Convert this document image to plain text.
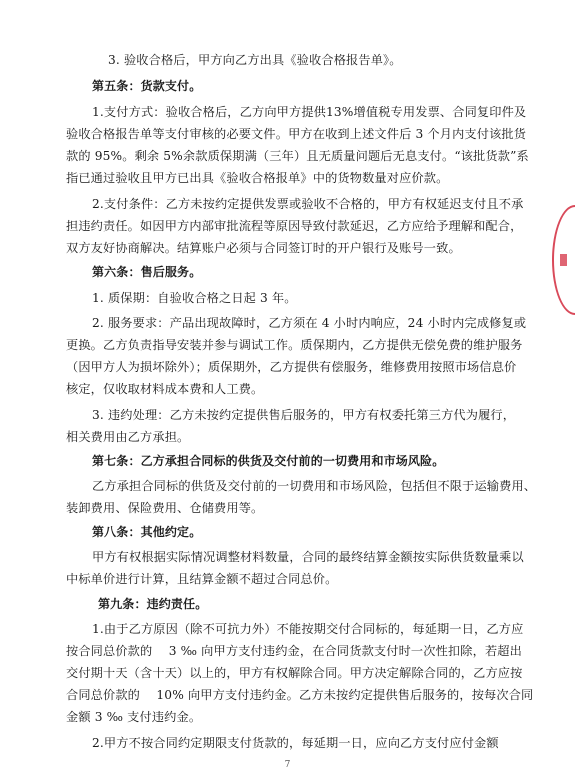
3. 验收合格后，甲方向乙方出具《验收合格报告单》。
第五条：货款支付。
1.支付方式：验收合格后，乙方向甲方提供13%增值税专用发票、合同复印件及
验收合格报告单等支付审核的必要文件。甲方在收到上述文件后 3 个月内支付该批货
款的 95%。剩余 5%余款质保期满（三年）且无质量问题后无息支付。“该批货款”系
指已通过验收且甲方已出具《验收合格报单》中的货物数量对应价款。
2.支付条件：乙方未按约定提供发票或验收不合格的，甲方有权延迟支付且不承
担违约责任。如因甲方内部审批流程等原因导致付款延迟，乙方应给予理解和配合，
双方友好协商解决。结算账户必须与合同签订时的开户银行及账号一致。
第六条：售后服务。
1. 质保期：自验收合格之日起 3 年。
2. 服务要求：产品出现故障时，乙方须在 4 小时内响应，24 小时内完成修复或
更换。乙方负责指导安装并参与调试工作。质保期内，乙方提供无偿免费的维护服务
（因甲方人为损坏除外）；质保期外，乙方提供有偿服务，维修费用按照市场信息价
核定，仅收取材料成本费和人工费。
3. 违约处理：乙方未按约定提供售后服务的，甲方有权委托第三方代为履行，
相关费用由乙方承担。
第七条：乙方承担合同标的供货及交付前的一切费用和市场风险。
乙方承担合同标的供货及交付前的一切费用和市场风险，包括但不限于运输费用、
装卸费用、保险费用、仓储费用等。
第八条：其他约定。
甲方有权根据实际情况调整材料数量，合同的最终结算金额按实际供货数量乘以
中标单价进行计算，且结算金额不超过合同总价。
第九条：违约责任。
1.由于乙方原因（除不可抗力外）不能按期交付合同标的，每延期一日，乙方应
按合同总价款的　 3 ‰ 向甲方支付违约金，在合同货款支付时一次性扣除，若超出
交付期十天（含十天）以上的，甲方有权解除合同。甲方决定解除合同的，乙方应按
合同总价款的　 10% 向甲方支付违约金。乙方未按约定提供售后服务的，按每次合同
金额 3 ‰ 支付违约金。
2.甲方不按合同约定期限支付货款的，每延期一日，应向乙方支付应付金额
7
